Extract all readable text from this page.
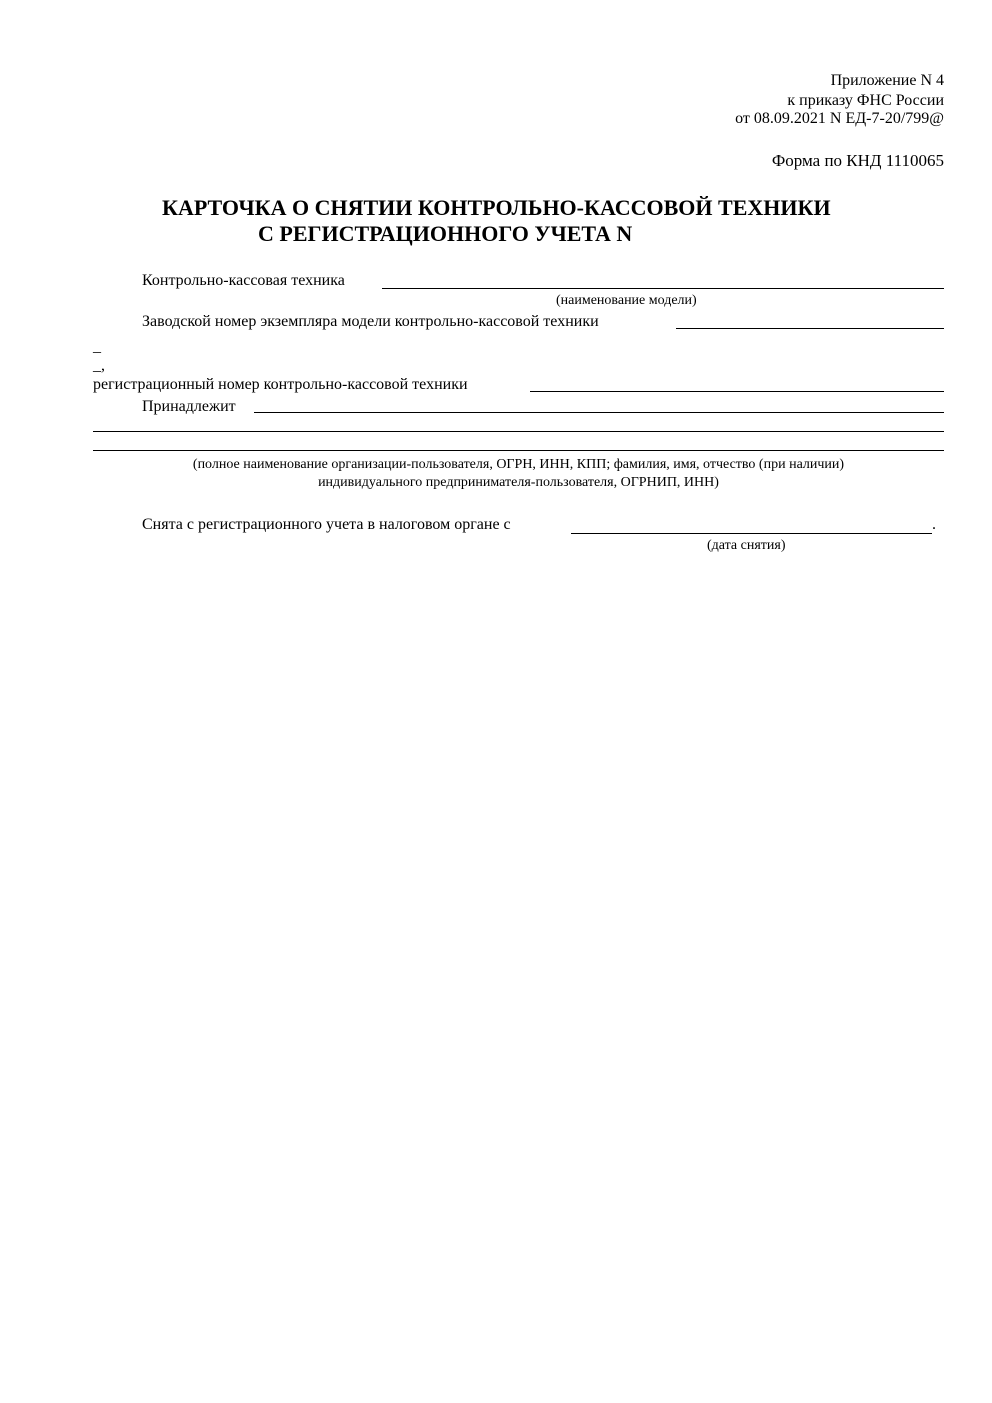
Приложение N 4
к приказу ФНС России
от 08.09.2021 N ЕД-7-20/799@
Форма по КНД 1110065
КАРТОЧКА О СНЯТИИ КОНТРОЛЬНО-КАССОВОЙ ТЕХНИКИ
С РЕГИСТРАЦИОННОГО УЧЕТА N
Контрольно-кассовая техника
(наименование модели)
Заводской номер экземпляра модели контрольно-кассовой техники
_
_,
регистрационный номер контрольно-кассовой техники
Принадлежит
(полное наименование организации-пользователя, ОГРН, ИНН, КПП; фамилия, имя, отчество (при наличии)
индивидуального предпринимателя-пользователя, ОГРНИП, ИНН)
Снята с регистрационного учета в налоговом органе с	.
(дата снятия)
